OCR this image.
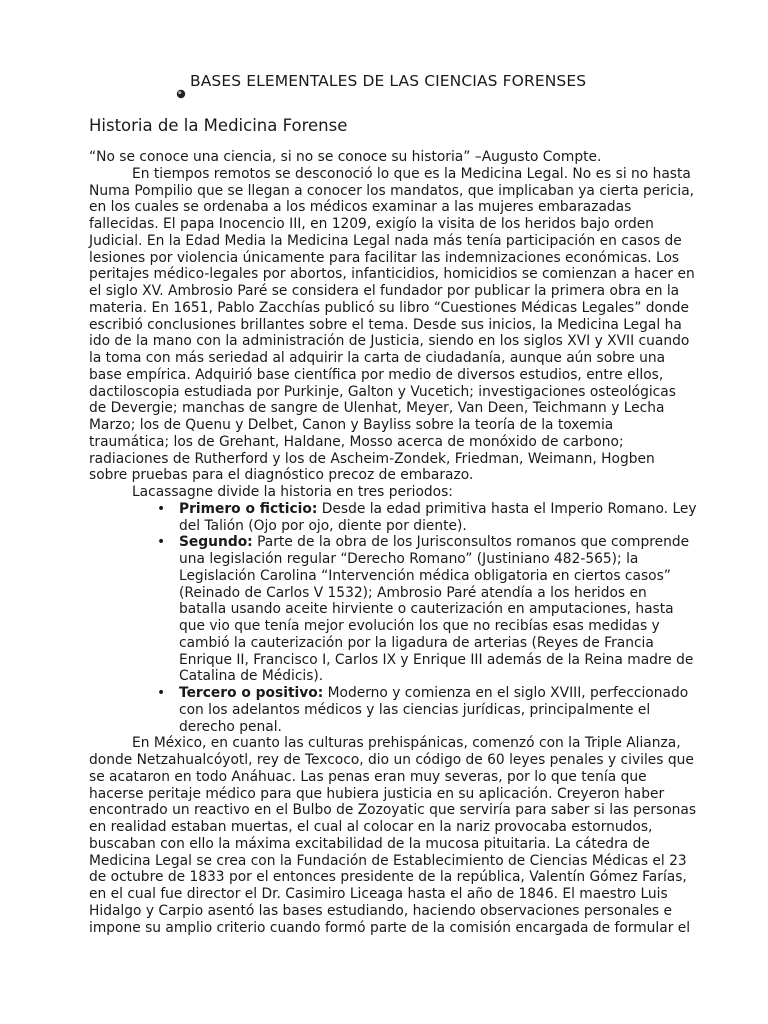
BASES ELEMENTALES DE LAS CIENCIAS FORENSES
Historia de la Medicina Forense
“No se conoce una ciencia, si no se conoce su historia” –Augusto Compte.
En tiempos remotos se desconoció lo que es la Medicina Legal. No es si no hasta
Numa Pompilio que se llegan a conocer los mandatos, que implicaban ya cierta pericia,
en los cuales se ordenaba a los médicos examinar a las mujeres embarazadas
fallecidas. El papa Inocencio III, en 1209, exigío la visita de los heridos bajo orden
Judicial. En la Edad Media la Medicina Legal nada más tenía participación en casos de
lesiones por violencia únicamente para facilitar las indemnizaciones económicas. Los
peritajes médico-legales por abortos, infanticidios, homicidios se comienzan a hacer en
el siglo XV. Ambrosio Paré se considera el fundador por publicar la primera obra en la
materia. En 1651, Pablo Zacchías publicó su libro “Cuestiones Médicas Legales” donde
escribió conclusiones brillantes sobre el tema. Desde sus inicios, la Medicina Legal ha
ido de la mano con la administración de Justicia, siendo en los siglos XVI y XVII cuando
la toma con más seriedad al adquirir la carta de ciudadanía, aunque aún sobre una
base empírica. Adquirió base científica por medio de diversos estudios, entre ellos,
dactiloscopia estudiada por Purkinje, Galton y Vucetich; investigaciones osteológicas
de Devergie; manchas de sangre de Ulenhat, Meyer, Van Deen, Teichmann y Lecha
Marzo; los de Quenu y Delbet, Canon y Bayliss sobre la teoría de la toxemia
traumática; los de Grehant, Haldane, Mosso acerca de monóxido de carbono;
radiaciones de Rutherford y los de Ascheim-Zondek, Friedman, Weimann, Hogben
sobre pruebas para el diagnóstico precoz de embarazo.
Lacassagne divide la historia en tres periodos:
• Primero o ficticio: Desde la edad primitiva hasta el Imperio Romano. Ley
del Talión (Ojo por ojo, diente por diente).
• Segundo: Parte de la obra de los Jurisconsultos romanos que comprende
una legislación regular “Derecho Romano” (Justiniano 482-565); la
Legislación Carolina “Intervención médica obligatoria en ciertos casos”
(Reinado de Carlos V 1532); Ambrosio Paré atendía a los heridos en
batalla usando aceite hirviente o cauterización en amputaciones, hasta
que vio que tenía mejor evolución los que no recibías esas medidas y
cambió la cauterización por la ligadura de arterias (Reyes de Francia
Enrique II, Francisco I, Carlos IX y Enrique III además de la Reina madre de
Catalina de Médicis).
• Tercero o positivo: Moderno y comienza en el siglo XVIII, perfeccionado
con los adelantos médicos y las ciencias jurídicas, principalmente el
derecho penal.
En México, en cuanto las culturas prehispánicas, comenzó con la Triple Alianza,
donde Netzahualcóyotl, rey de Texcoco, dio un código de 60 leyes penales y civiles que
se acataron en todo Anáhuac. Las penas eran muy severas, por lo que tenía que
hacerse peritaje médico para que hubiera justicia en su aplicación. Creyeron haber
encontrado un reactivo en el Bulbo de Zozoyatic que serviría para saber si las personas
en realidad estaban muertas, el cual al colocar en la nariz provocaba estornudos,
buscaban con ello la máxima excitabilidad de la mucosa pituitaria. La cátedra de
Medicina Legal se crea con la Fundación de Establecimiento de Ciencias Médicas el 23
de octubre de 1833 por el entonces presidente de la república, Valentín Gómez Farías,
en el cual fue director el Dr. Casimiro Liceaga hasta el año de 1846. El maestro Luis
Hidalgo y Carpio asentó las bases estudiando, haciendo observaciones personales e
impone su amplio criterio cuando formó parte de la comisión encargada de formular el
